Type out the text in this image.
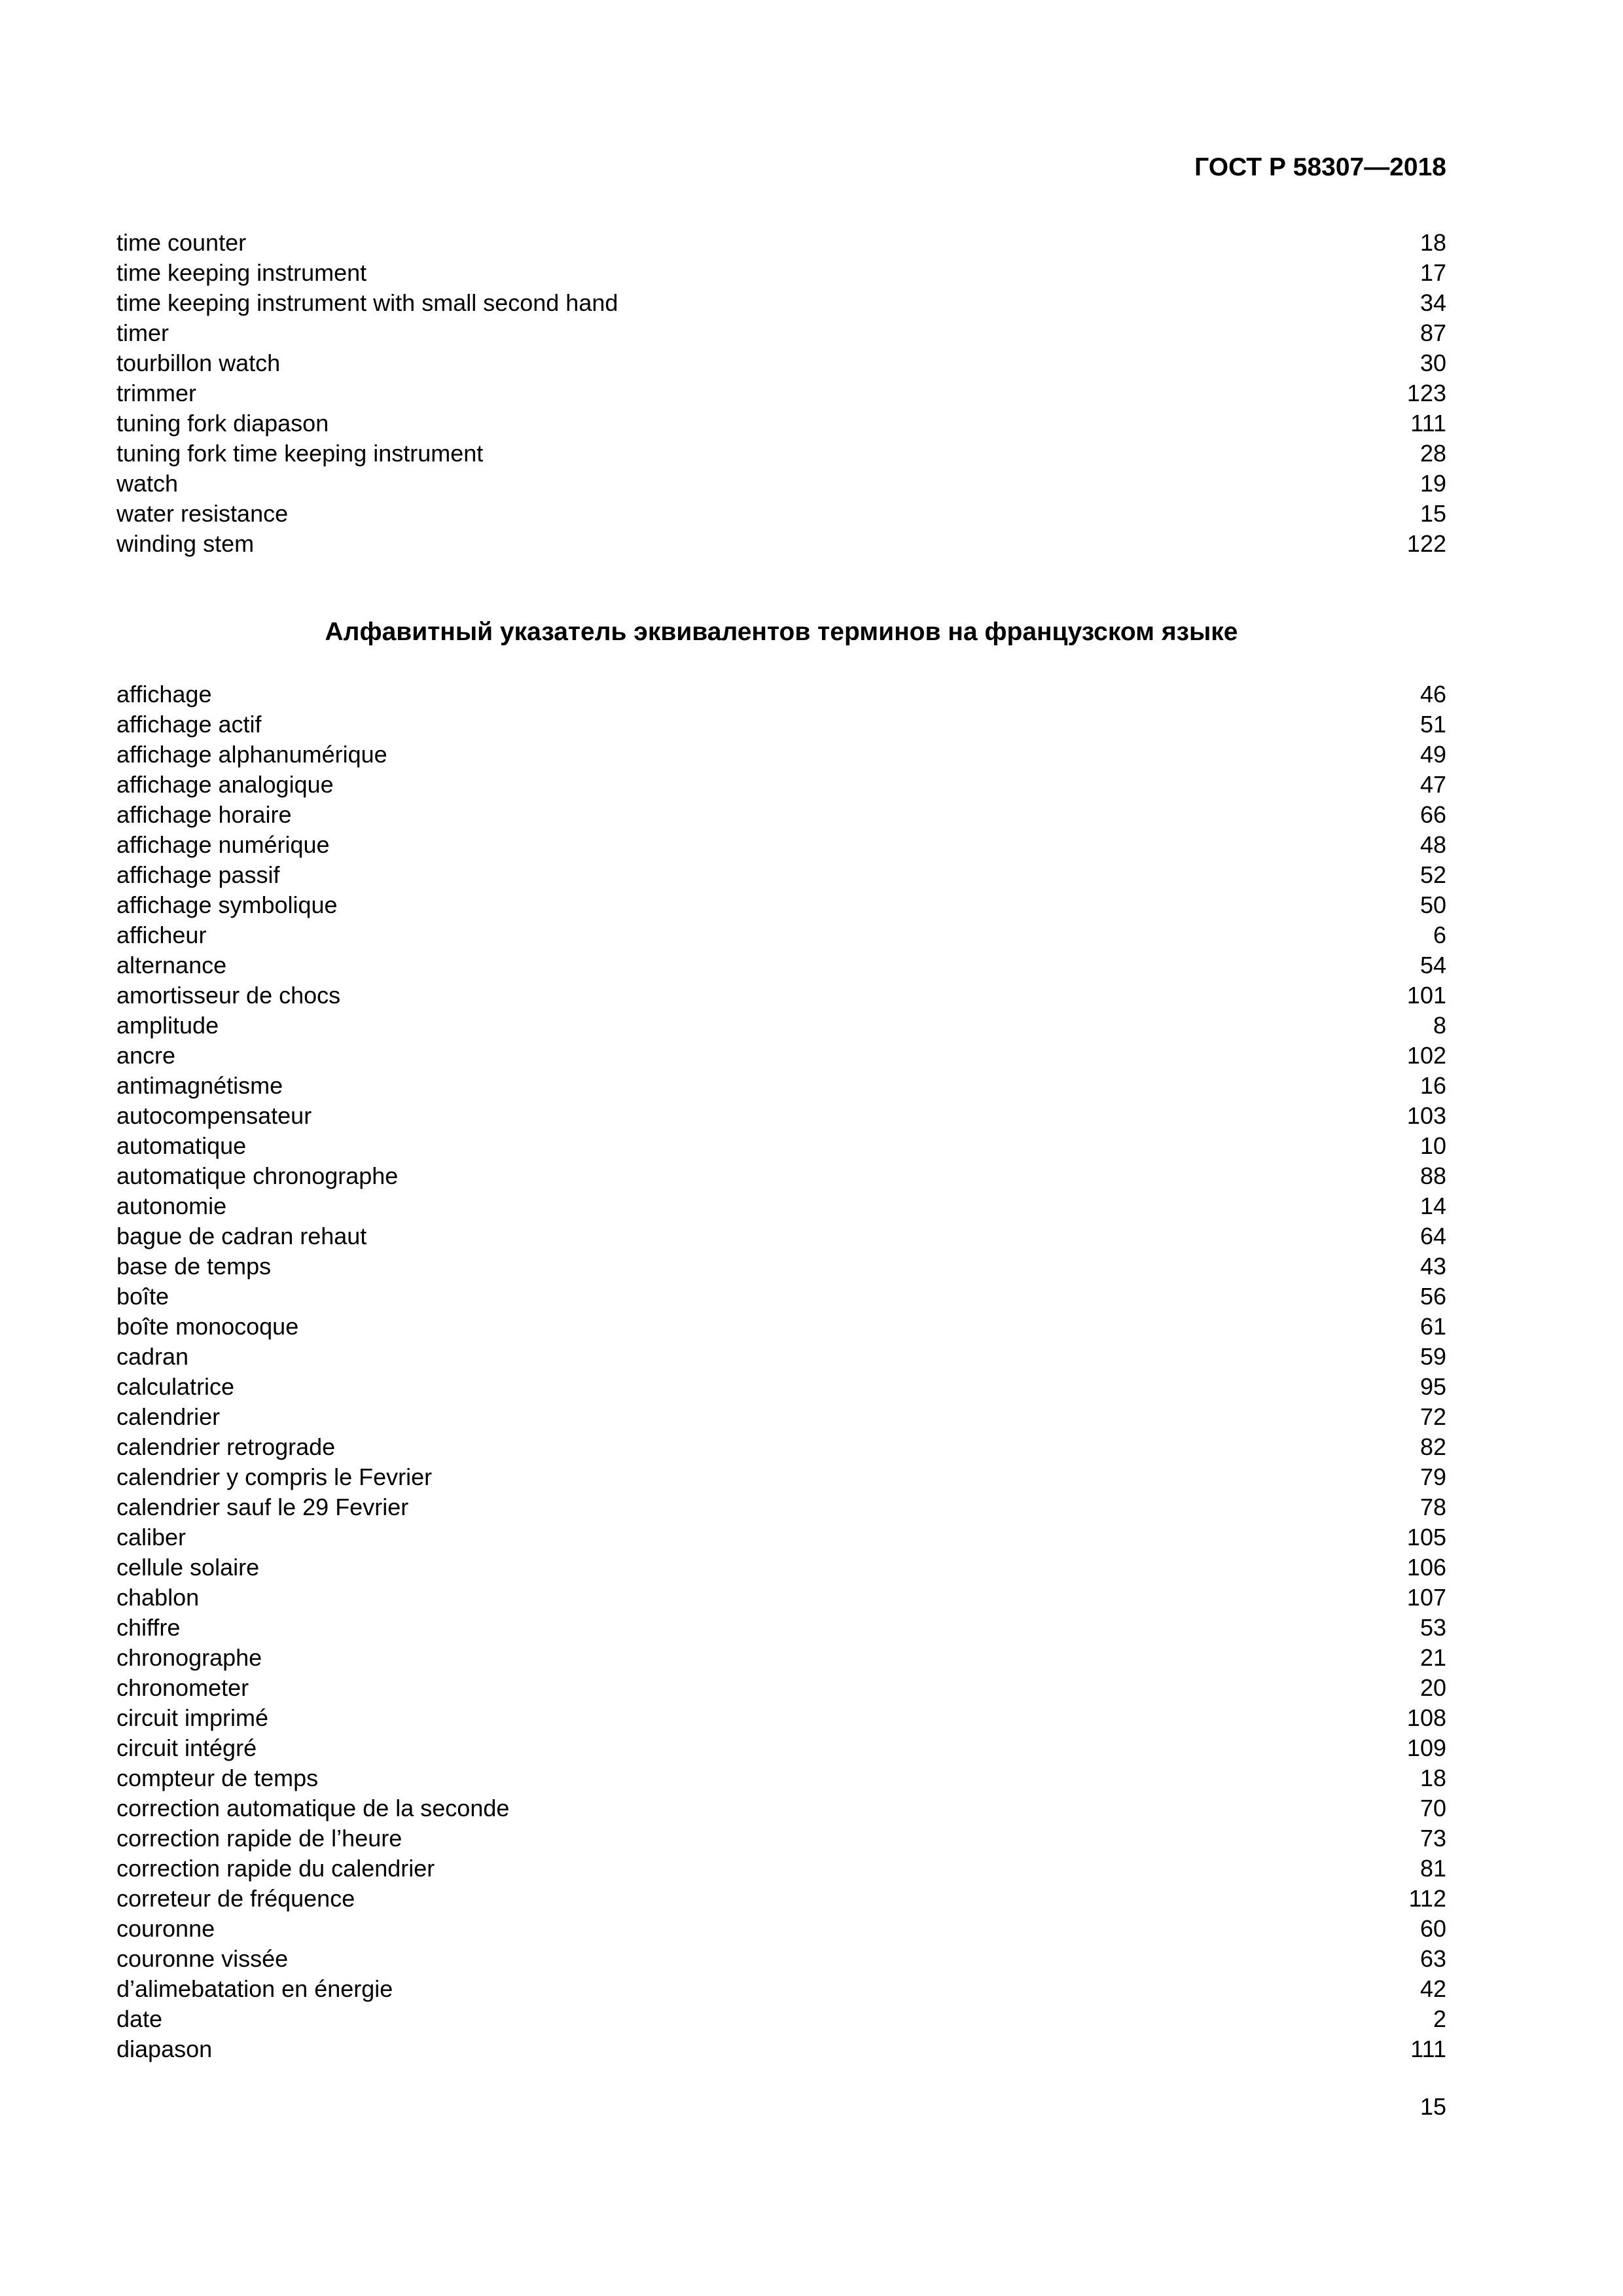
ГОСТ Р 58307—2018
time counter	18
time keeping instrument	17
time keeping instrument with small second hand	34
timer	87
tourbillon watch	30
trimmer	123
tuning fork diapason	111
tuning fork time keeping instrument	28
watch	19
water resistance	15
winding stem	122
Алфавитный указатель эквивалентов терминов на французском языке
affichage	46
affichage actif	51
affichage alphanumérique	49
affichage analogique	47
affichage horaire	66
affichage numérique	48
affichage passif	52
affichage symbolique	50
afficheur	6
alternance	54
amortisseur de chocs	101
amplitude	8
ancre	102
antimagnétisme	16
autocompensateur	103
automatique	10
automatique chronographe	88
autonomie	14
bague de cadran rehaut	64
base de temps	43
boîte	56
boîte monocoque	61
cadran	59
calculatrice	95
calendrier	72
calendrier retrograde	82
calendrier y compris le Fevrier	79
calendrier sauf le 29 Fevrier	78
caliber	105
cellule solaire	106
chablon	107
chiffre	53
chronographe	21
chronometer	20
circuit imprimé	108
circuit intégré	109
compteur de temps	18
correction automatique de la seconde	70
correction rapide de l’heure	73
correction rapide du calendrier	81
correteur de fréquence	112
couronne	60
couronne vissée	63
d’alimebatation en énergie	42
date	2
diapason	111
15
